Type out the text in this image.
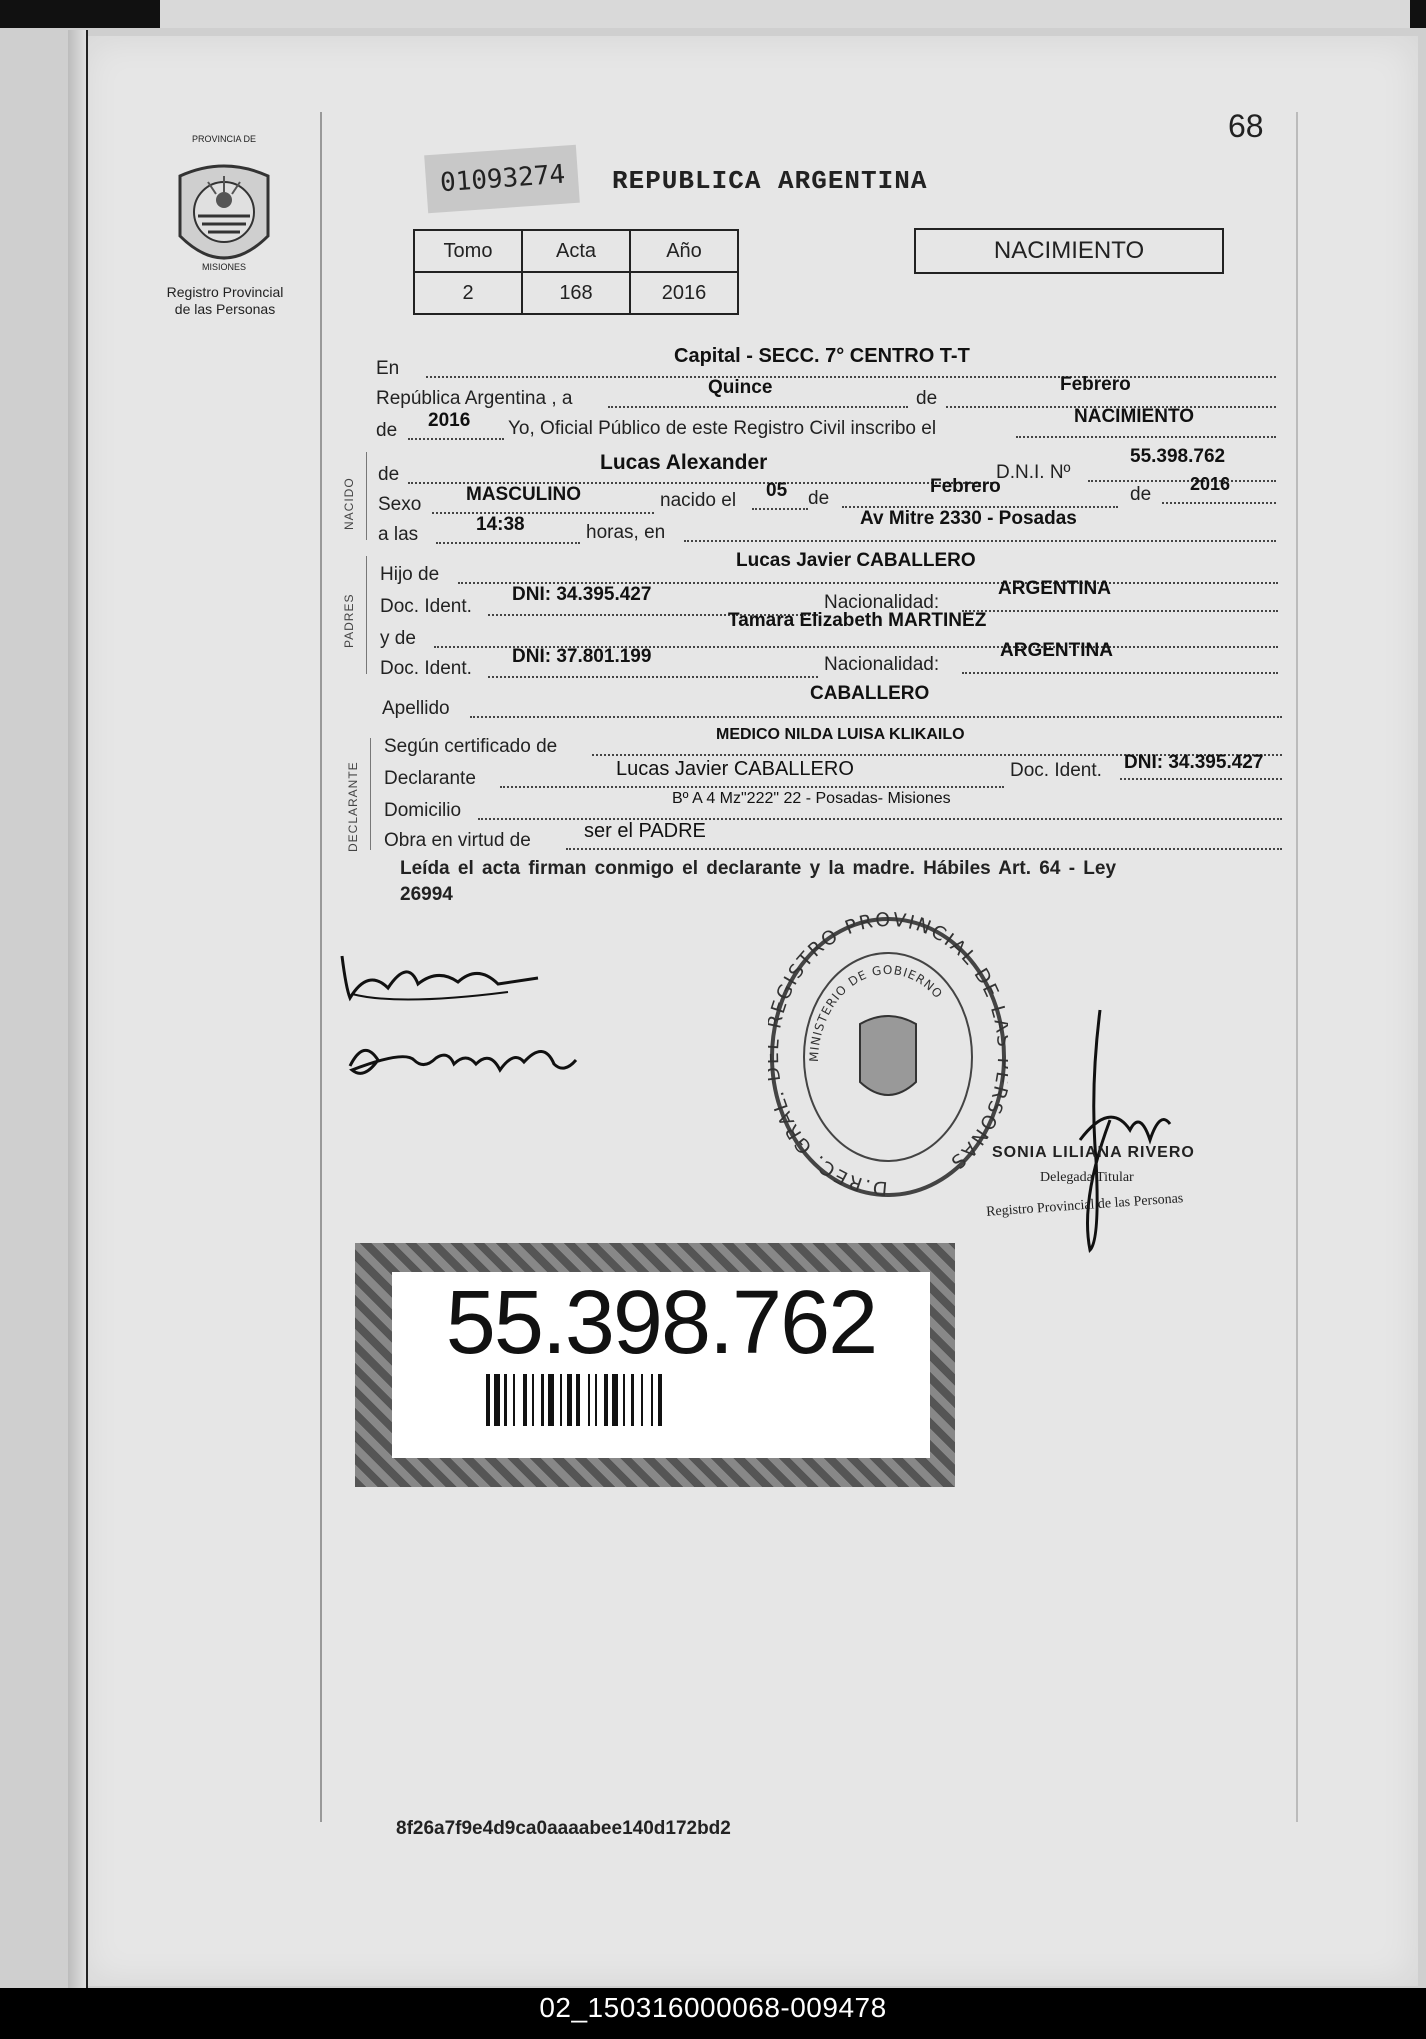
PROVINCIA DE
MISIONES
Registro Provincial
de las Personas
68
01093274 REPUBLICA ARGENTINA
Tomo	Acta	Año
2	168	2016
NACIMIENTO
En
Capital - SECC. 7° CENTRO T-T
República Argentina , a
Quince
de
Febrero
de 2016 Yo, Oficial Público de este Registro Civil inscribo el
NACIMIENTO
NACIDO
de
Lucas Alexander	D.N.I. Nº
55.398.762
Sexo MASCULINO	nacido el 05 de
Febrero	de 2016
a las	14:38	horas, en
Av Mitre 2330 - Posadas
PADRES
Hijo de
Lucas Javier CABALLERO
Doc. Ident.
DNI: 34.395.427	Nacionalidad:
ARGENTINA
y de
Tamara Elizabeth MARTINEZ
Doc. Ident.
DNI: 37.801.199	Nacionalidad:
ARGENTINA
Apellido
CABALLERO
DECLARANTE
Según certificado de
MEDICO NILDA LUISA KLIKAILO
Declarante	Lucas Javier CABALLERO	Doc. Ident. DNI: 34.395.427
Domicilio
Bº A 4 Mz"222" 22 - Posadas- Misiones
Obra en virtud de	ser el PADRE
Leída el acta firman conmigo el declarante y la madre. Hábiles Art. 64 - Ley
26994
D.REC. GRAL. EGISTRO PROVINCIAL DE SONAS
MINISTERIO DE GOBIERNO
SONIA LILIANA RIVERO
Delegada Titular
Registro Provincial de las Personas
55.398.762
8f26a7f9e4d9ca0aaaabee140d172bd2
02_150316000068-009478
